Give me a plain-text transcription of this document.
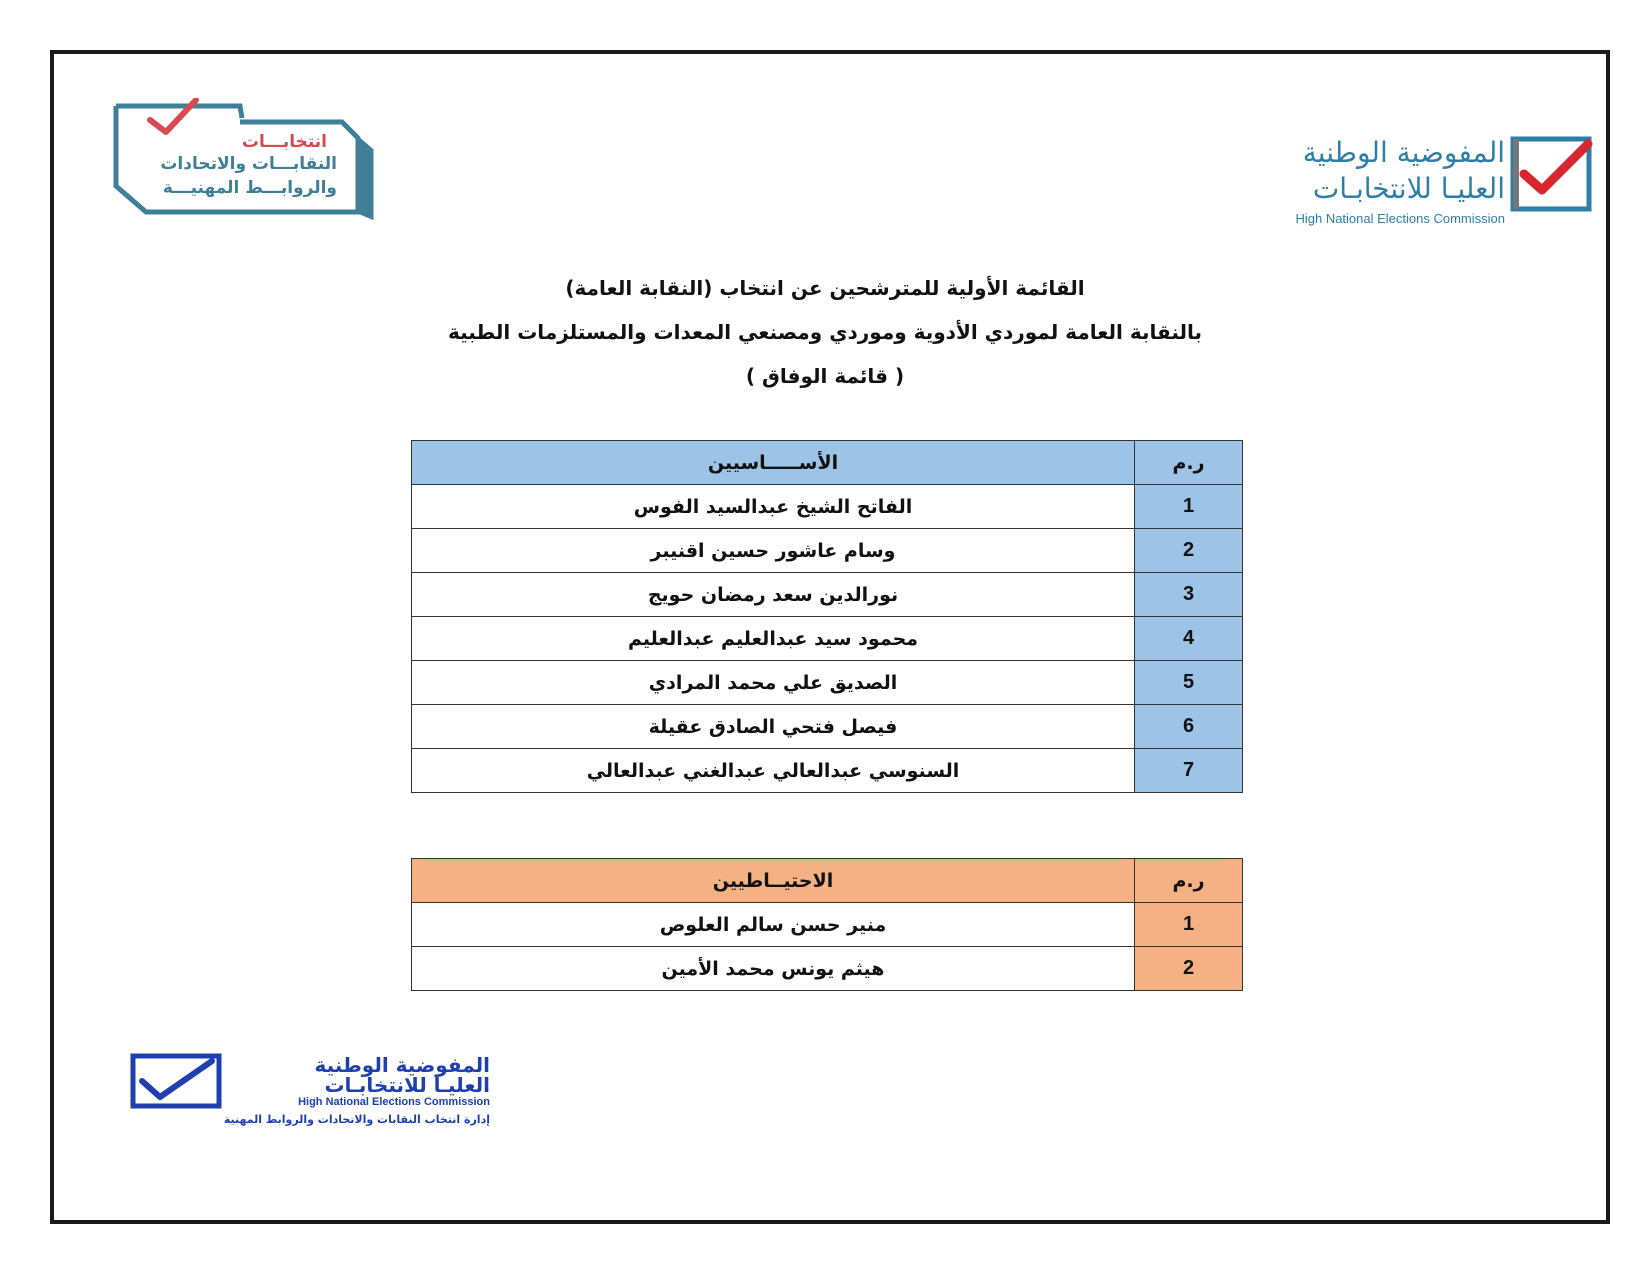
انتخابـــات
النقابـــات والاتحادات
والروابـــط المهنيـــة
المفوضية الوطنية
العليـا للانتخابـات
High National Elections Commission
القائمة الأولية للمترشحين عن انتخاب (النقابة العامة)
بالنقابة العامة لموردي الأدوية وموردي ومصنعي المعدات والمستلزمات الطبية
( قائمة الوفاق )
ر.م	الأســـــاسيين
1	الفاتح الشيخ عبدالسيد الفوس
2	وسام عاشور حسين اقنيبر
3	نورالدين سعد رمضان حويج
4	محمود سيد عبدالعليم عبدالعليم
5	الصديق علي محمد المرادي
6	فيصل فتحي الصادق عقيلة
7	السنوسي عبدالعالي عبدالغني عبدالعالي
ر.م	الاحتيــاطيين
1	منير حسن سالم العلوص
2	هيثم يونس محمد الأمين
المفوضية الوطنية
العليـا للانتخابـات
High National Elections Commission
إدارة انتخاب النقابات والاتحادات والروابط المهنية
